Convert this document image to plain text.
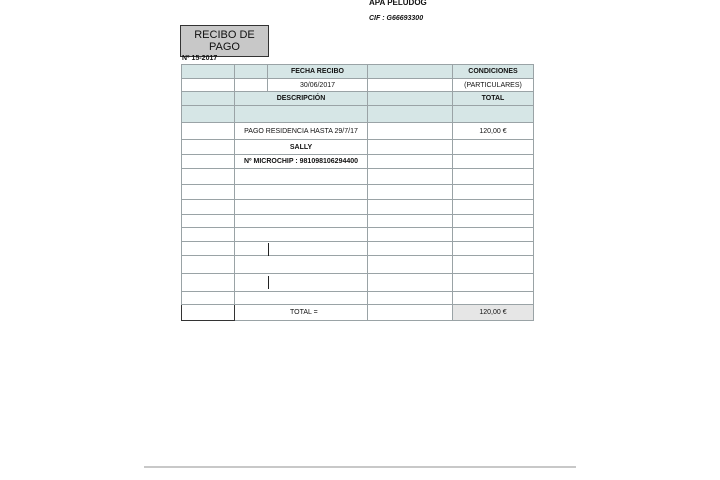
APA PELUDOG
CIF : G66693300
RECIBO DE
PAGO
Nº 15-2017
		FECHA RECIBO		CONDICIONES
		30/06/2017		(PARTICULARES)
	DESCRIPCIÓN			TOTAL

	PAGO RESIDENCIA HASTA 29/7/17			120,00 €
	SALLY			
	Nº MICROCHIP : 981098106294400			

	TOTAL =			120,00 €
